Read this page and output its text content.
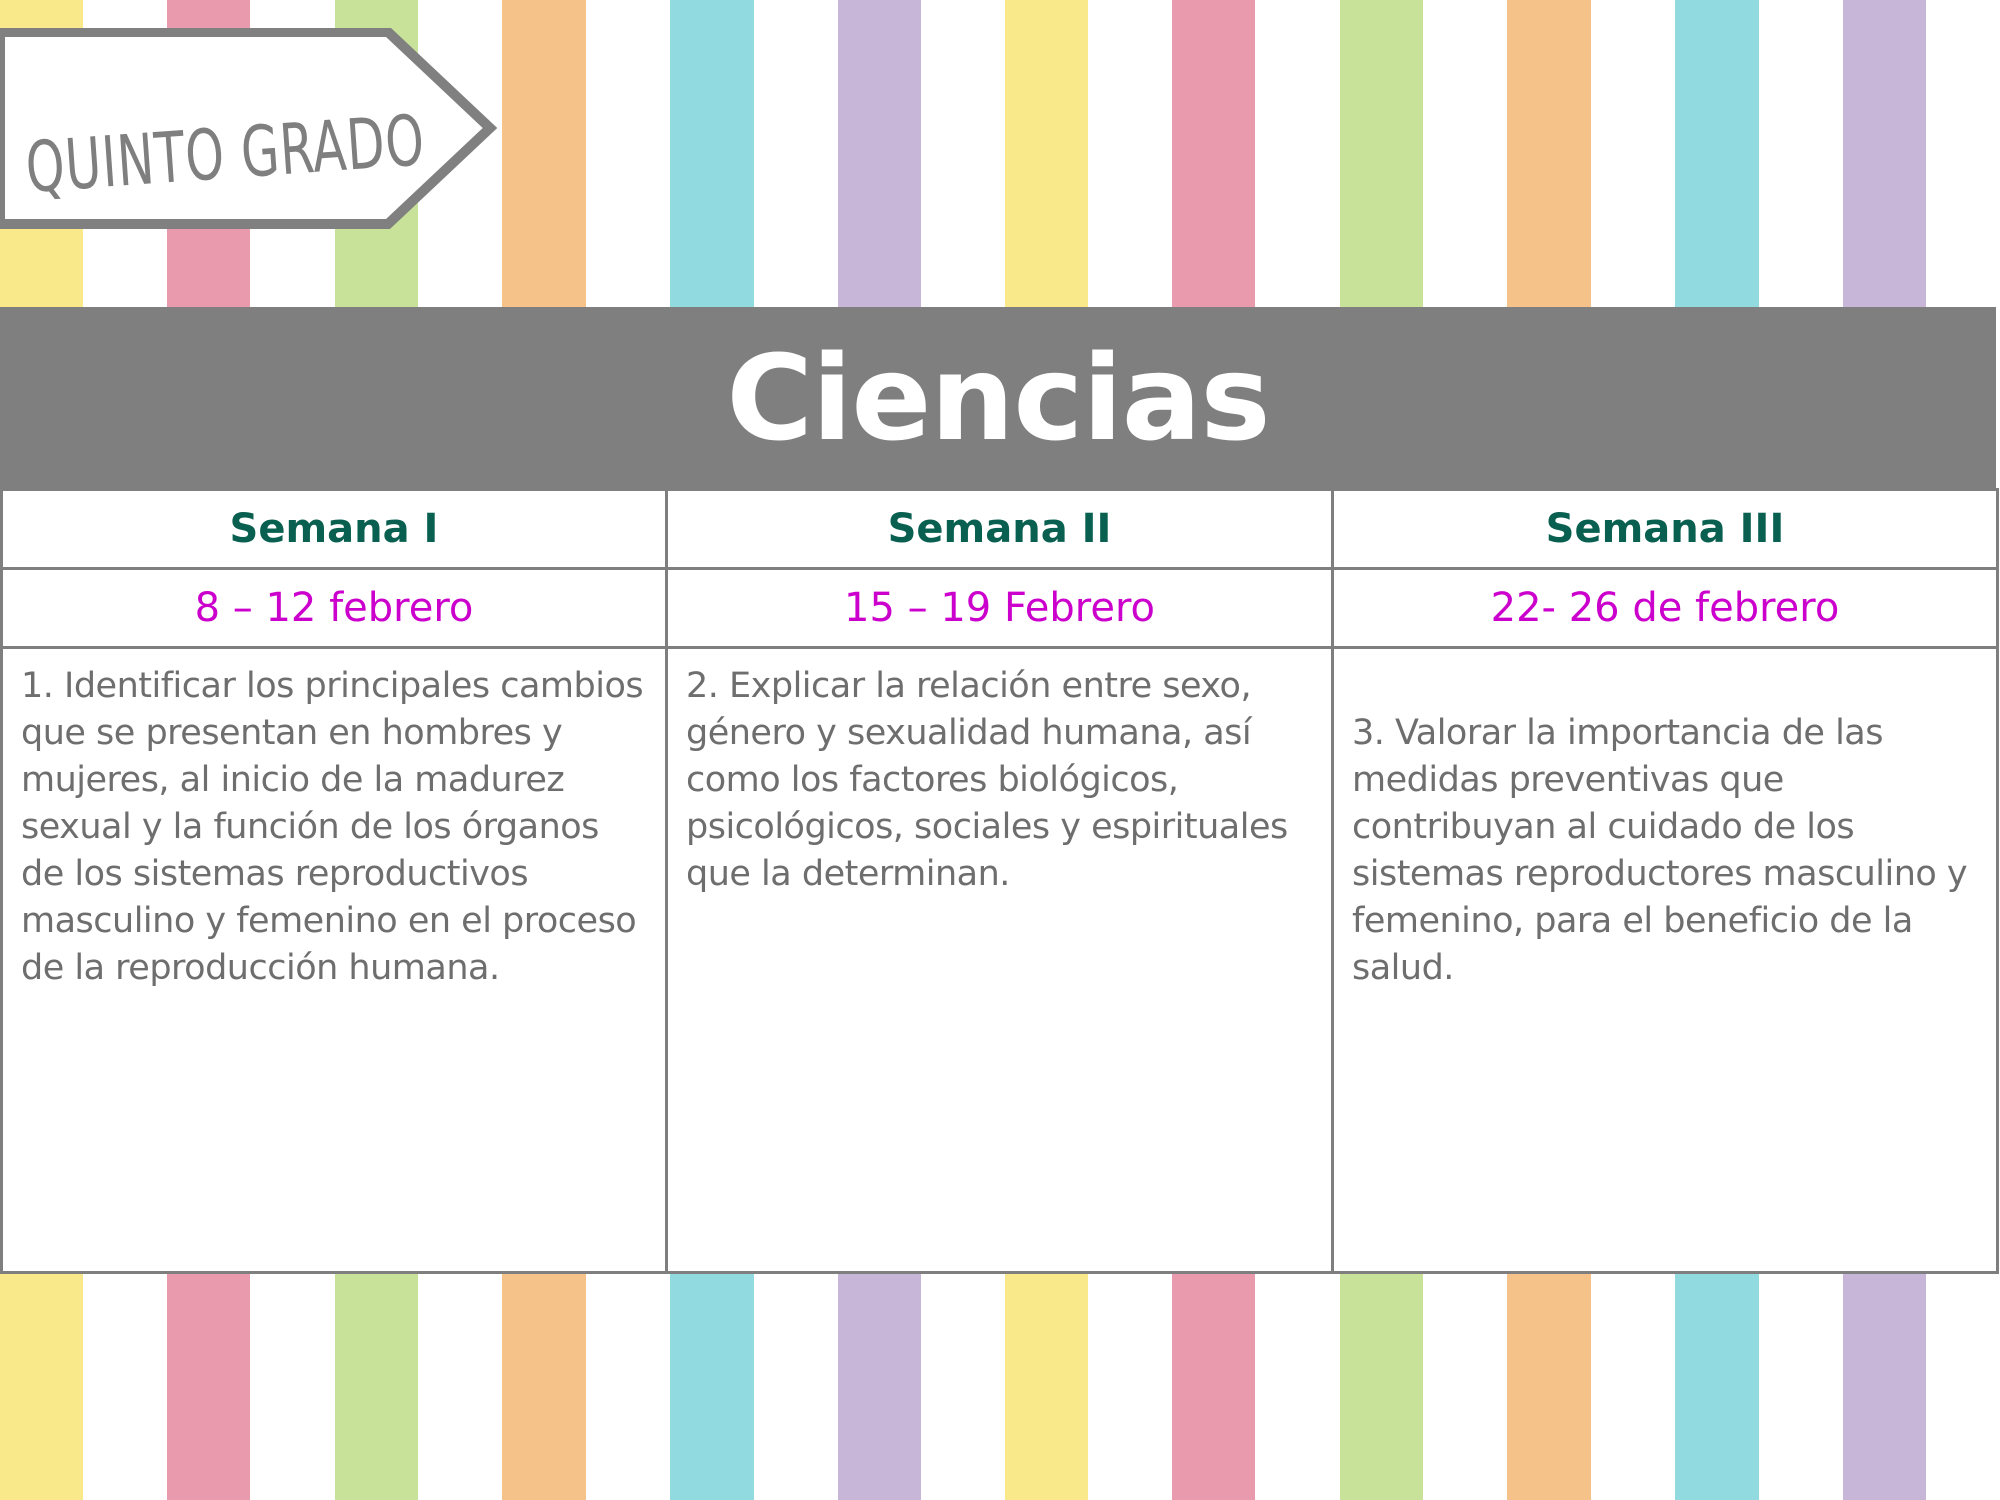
QUINTO GRADO
Ciencias
Semana I	Semana II	Semana III
8 – 12 febrero	15 – 19 Febrero	22- 26 de febrero

1. Identificar los principales cambios que se presentan en hombres y mujeres, al inicio de la madurez sexual y la función de los órganos de los sistemas reproductivos masculino y femenino en el proceso de la reproducción humana.	2. Explicar la relación entre sexo, género y sexualidad humana, así como los factores biológicos, psicológicos, sociales y espirituales que la determinan.	3. Valorar la importancia de las medidas preventivas que contribuyan al cuidado de los sistemas reproductores masculino y femenino, para el beneficio de la salud.
